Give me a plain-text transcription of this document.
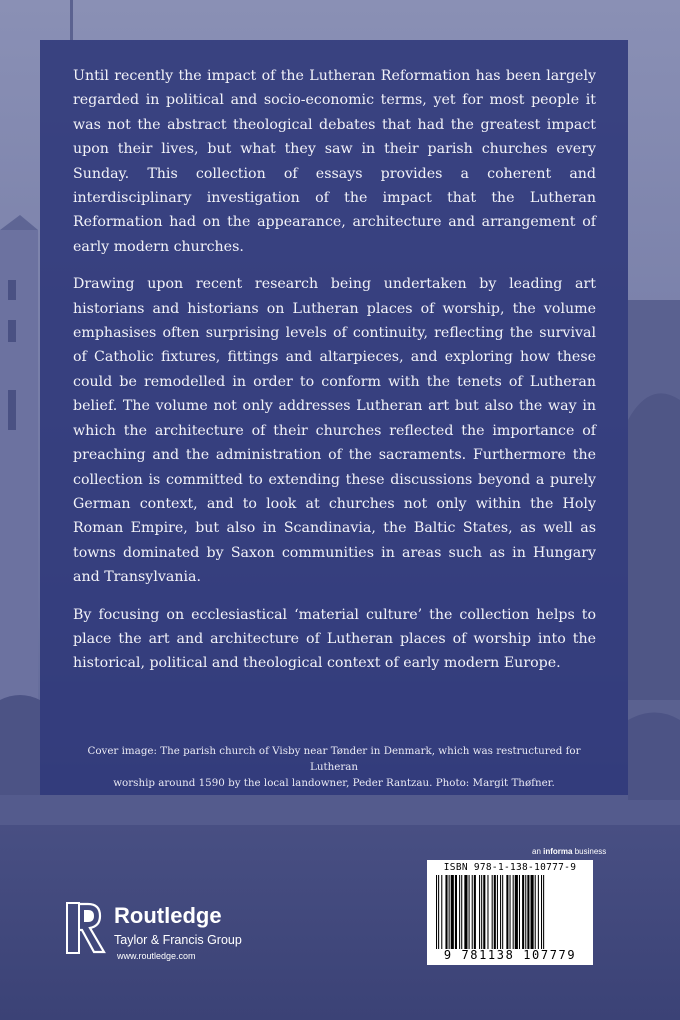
Until recently the impact of the Lutheran Reformation has been largely regarded in political and socio-economic terms, yet for most people it was not the abstract theological debates that had the greatest impact upon their lives, but what they saw in their parish churches every Sunday. This collection of essays provides a coherent and interdisciplinary investigation of the impact that the Lutheran Reformation had on the appearance, architecture and arrangement of early modern churches.

Drawing upon recent research being undertaken by leading art historians and historians on Lutheran places of worship, the volume emphasises often surprising levels of continuity, reflecting the survival of Catholic fixtures, fittings and altarpieces, and exploring how these could be remodelled in order to conform with the tenets of Lutheran belief. The volume not only addresses Lutheran art but also the way in which the architecture of their churches reflected the importance of preaching and the administration of the sacraments. Furthermore the collection is committed to extending these discussions beyond a purely German context, and to look at churches not only within the Holy Roman Empire, but also in Scandinavia, the Baltic States, as well as towns dominated by Saxon communities in areas such as in Hungary and Transylvania.

By focusing on ecclesiastical ‘material culture’ the collection helps to place the art and architecture of Lutheran places of worship into the historical, political and theological context of early modern Europe.

Cover image: The parish church of Visby near Tønder in Denmark, which was restructured for Lutheran
worship around 1590 by the local landowner, Peder Rantzau. Photo: Margit Thøfner.
an informa business
ISBN 978-1-138-10777-9
9 781138 107779
Routledge
Taylor & Francis Group
www.routledge.com
